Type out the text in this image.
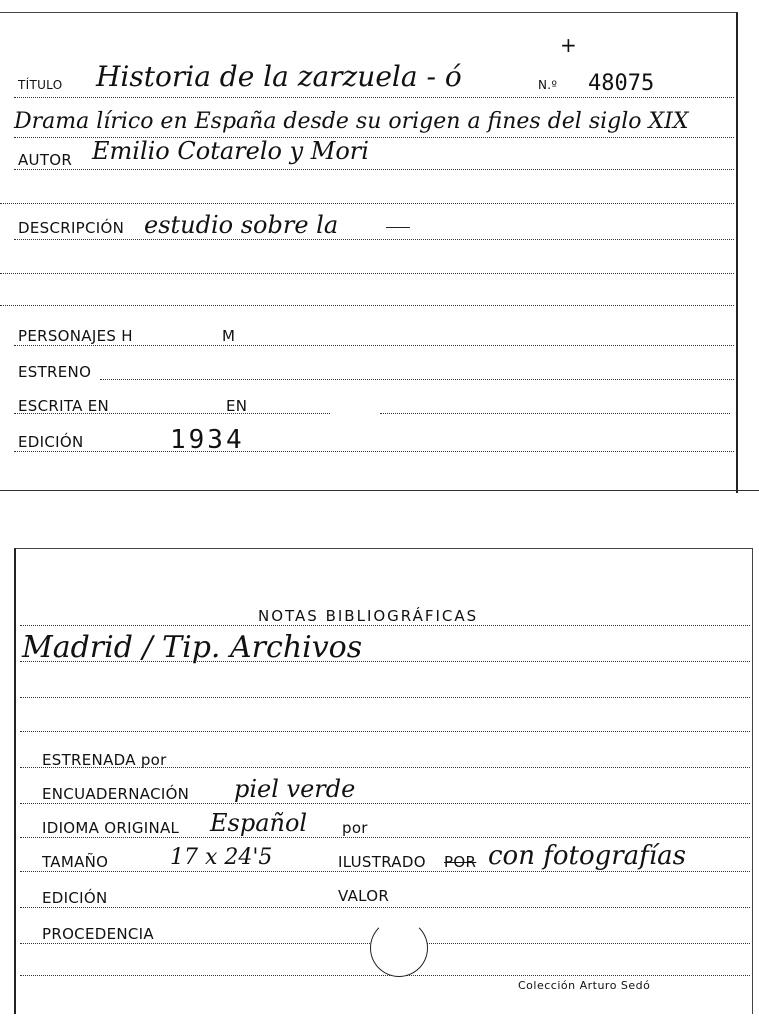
+
TÍTULO Historia de la zarzuela - ó	N.º 48075
Drama lírico en España desde su origen a fines del siglo XIX
AUTOR Emilio Cotarelo y Mori
DESCRIPCIÓN estudio sobre la
PERSONAJES H	M
ESTRENO
ESCRITA EN	EN
EDICIÓN	1934
NOTAS BIBLIOGRÁFICAS
Madrid / Tip. Archivos
ESTRENADA por
ENCUADERNACIÓN piel verde
IDIOMA ORIGINAL Español por
TAMAÑO	17 x 24'5	ILUSTRADO POR con fotografías
EDICIÓN	VALOR
PROCEDENCIA
Colección Arturo Sedó
